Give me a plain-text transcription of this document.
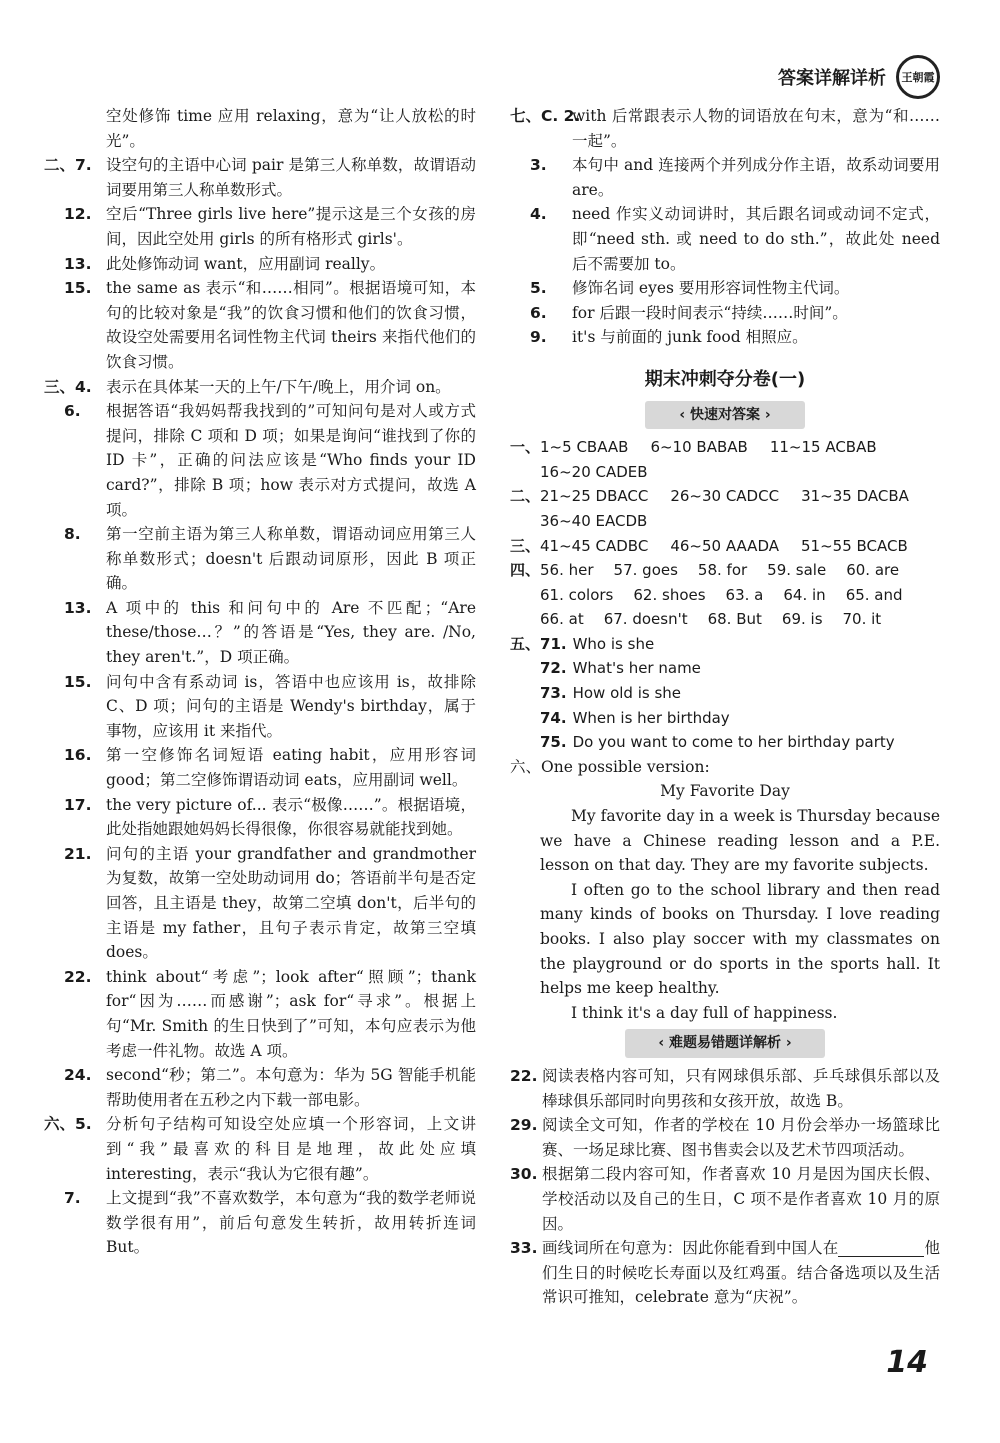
答案详解详析 王朝霞
空处修饰 time 应用 relaxing，意为“让人放松的时光”。
二、7. 设空句的主语中心词 pair 是第三人称单数，故谓语动词要用第三人称单数形式。
12. 空后“Three girls live here”提示这是三个女孩的房间，因此空处用 girls 的所有格形式 girls'。
13. 此处修饰动词 want，应用副词 really。
15. the same as 表示“和……相同”。根据语境可知，本句的比较对象是“我”的饮食习惯和他们的饮食习惯，故设空处需要用名词性物主代词 theirs 来指代他们的饮食习惯。
三、4. 表示在具体某一天的上午/下午/晚上，用介词 on。
6. 根据答语“我妈妈帮我找到的”可知问句是对人或方式提问，排除 C 项和 D 项；如果是询问“谁找到了你的 ID 卡”，正确的问法应该是“Who finds your ID card?”，排除 B 项；how 表示对方式提问，故选 A 项。
8. 第一空前主语为第三人称单数，谓语动词应用第三人称单数形式；doesn't 后跟动词原形，因此 B 项正确。
13. A 项中的 this 和问句中的 Are 不匹配；“Are these/those…？”的答语是“Yes, they are. /No, they aren't.”，D 项正确。
15. 问句中含有系动词 is，答语中也应该用 is，故排除 C、D 项；问句的主语是 Wendy's birthday，属于事物，应该用 it 来指代。
16. 第一空修饰名词短语 eating habit，应用形容词 good；第二空修饰谓语动词 eats，应用副词 well。
17. the very picture of... 表示“极像……”。根据语境，此处指她跟她妈妈长得很像，你很容易就能找到她。
21. 问句的主语 your grandfather and grandmother 为复数，故第一空处助动词用 do；答语前半句是否定回答，且主语是 they，故第二空填 don't，后半句的主语是 my father，且句子表示肯定，故第三空填 does。
22. think about“考虑”；look after“照顾”；thank for“因为……而感谢”；ask for“寻求”。根据上句“Mr. Smith 的生日快到了”可知，本句应表示为他考虑一件礼物。故选 A 项。
24. second“秒；第二”。本句意为：华为 5G 智能手机能帮助使用者在五秒之内下载一部电影。
六、5. 分析句子结构可知设空处应填一个形容词，上文讲到“我”最喜欢的科目是地理，故此处应填 interesting，表示“我认为它很有趣”。
7. 上文提到“我”不喜欢数学，本句意为“我的数学老师说数学很有用”，前后句意发生转折，故用转折连词 But。
七、C. 2.
with 后常跟表示人物的词语放在句末，意为“和……一起”。
3. 本句中 and 连接两个并列成分作主语，故系动词要用 are。
4. need 作实义动词讲时，其后跟名词或动词不定式，即“need sth. 或 need to do sth.”，故此处 need 后不需要加 to。
5. 修饰名词 eyes 要用形容词性物主代词。
6. for 后跟一段时间表示“持续……时间”。
9. it's 与前面的 junk food 相照应。
期末冲刺夺分卷(一)
‹ 快速对答案 ›
一、1~5 CBAAB 6~10 BABAB 11~15 ACBAB
16~20 CADEB
二、21~25 DBACC 26~30 CADCC 31~35 DACBA
36~40 EACDB
三、41~45 CADBC 46~50 AAADA 51~55 BCACB
四、56. her 57. goes 58. for 59. sale 60. are
61. colors 62. shoes 63. a 64. in 65. and
66. at 67. doesn't 68. But 69. is 70. it
五、71. Who is she
72. What's her name
73. How old is she
74. When is her birthday
75. Do you want to come to her birthday party
六、One possible version:
My Favorite Day
My favorite day in a week is Thursday because we have a Chinese reading lesson and a P.E. lesson on that day. They are my favorite subjects.
I often go to the school library and then read many kinds of books on Thursday. I love reading books. I also play soccer with my classmates on the playground or do sports in the sports hall. It helps me keep healthy.
I think it's a day full of happiness.
‹ 难题易错题详解析 ›
22. 阅读表格内容可知，只有网球俱乐部、乒乓球俱乐部以及棒球俱乐部同时向男孩和女孩开放，故选 B。
29. 阅读全文可知，作者的学校在 10 月份会举办一场篮球比赛、一场足球比赛、图书售卖会以及艺术节四项活动。
30. 根据第二段内容可知，作者喜欢 10 月是因为国庆长假、学校活动以及自己的生日，C 项不是作者喜欢 10 月的原因。
33. 画线词所在句意为：因此你能看到中国人在	他们生日的时候吃长寿面以及红鸡蛋。结合备选项以及生活常识可推知，celebrate 意为“庆祝”。
14
